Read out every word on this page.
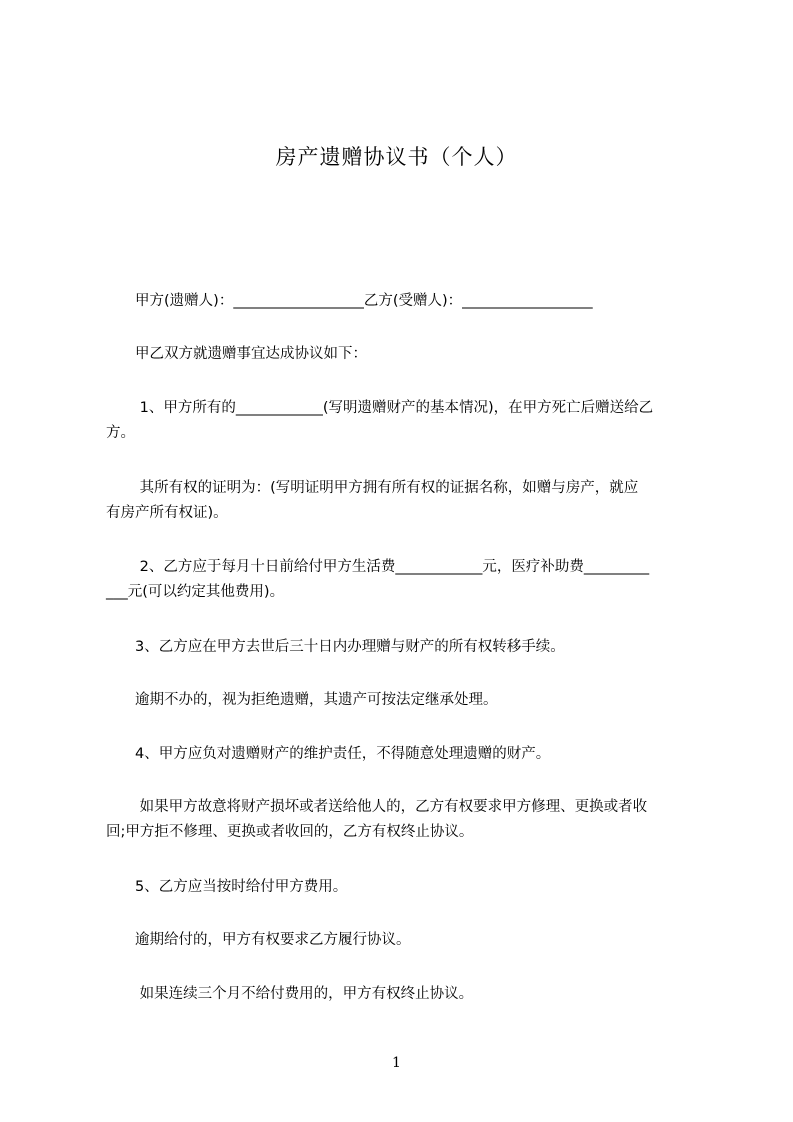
房产遗赠协议书（个人）
　　甲方(遗赠人)：__________________乙方(受赠人)：__________________
　　甲乙双方就遗赠事宜达成协议如下：
　　 1、甲方所有的____________(写明遗赠财产的基本情况)，在甲方死亡后赠送给乙
方。
　　 其所有权的证明为：(写明证明甲方拥有所有权的证据名称，如赠与房产，就应
有房产所有权证)。
　　 2、乙方应于每月十日前给付甲方生活费____________元，医疗补助费_________
___元(可以约定其他费用)。
　　3、乙方应在甲方去世后三十日内办理赠与财产的所有权转移手续。
　　逾期不办的，视为拒绝遗赠，其遗产可按法定继承处理。
　　4、甲方应负对遗赠财产的维护责任，不得随意处理遗赠的财产。
　　 如果甲方故意将财产损坏或者送给他人的，乙方有权要求甲方修理、更换或者收
回;甲方拒不修理、更换或者收回的，乙方有权终止协议。
　　5、乙方应当按时给付甲方费用。
　　逾期给付的，甲方有权要求乙方履行协议。
　　 如果连续三个月不给付费用的，甲方有权终止协议。
1
